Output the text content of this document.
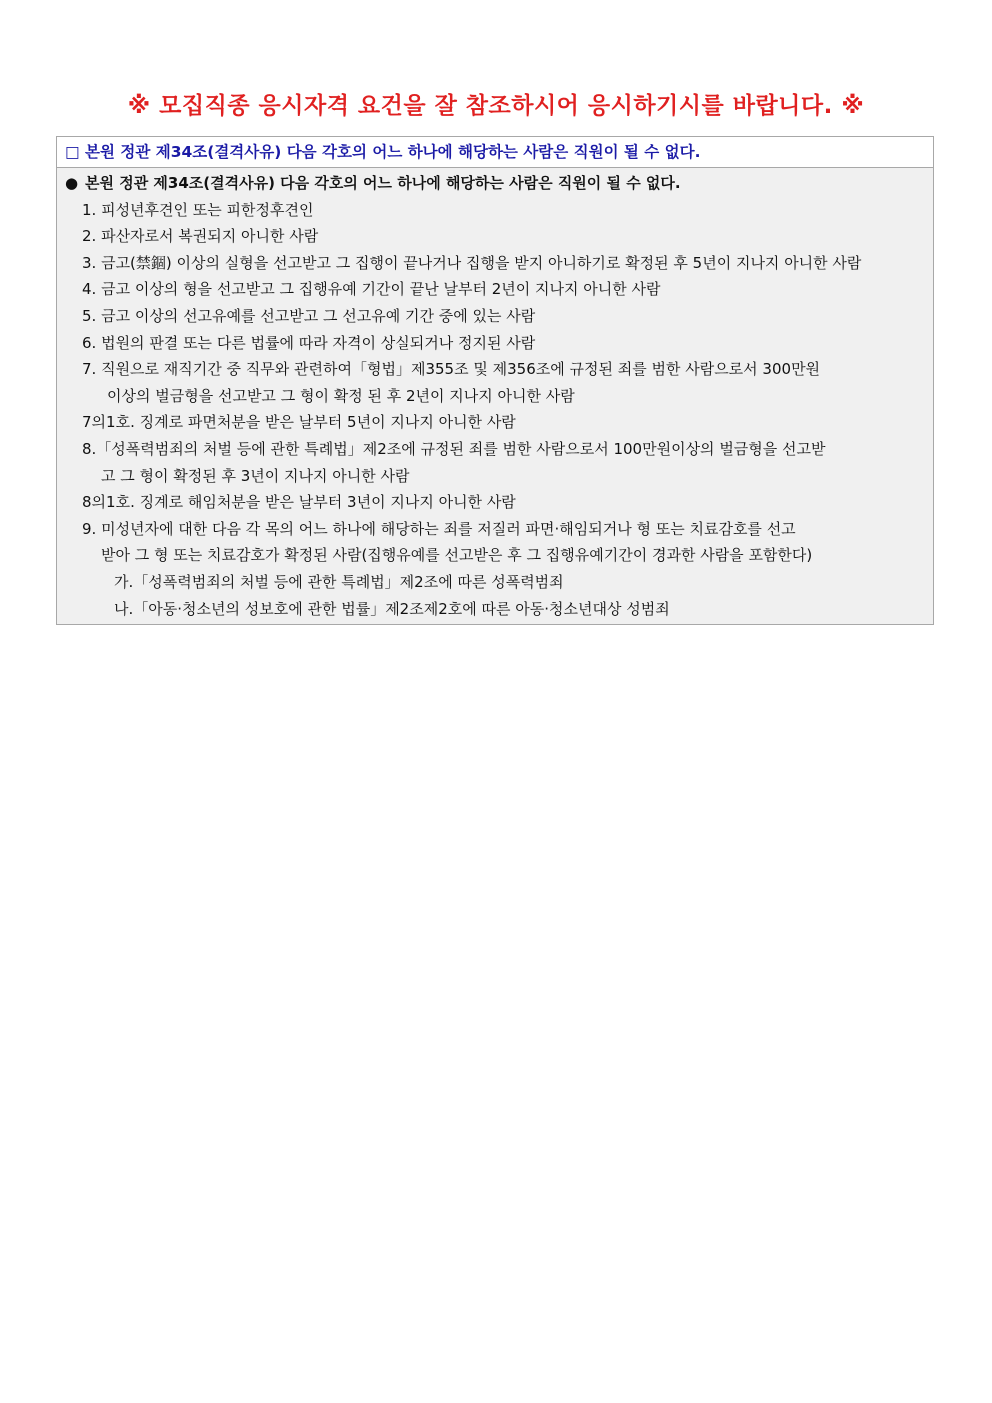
※ 모집직종 응시자격 요건을 잘 참조하시어 응시하기시를 바랍니다. ※
□ 본원 정관 제34조(결격사유) 다음 각호의 어느 하나에 해당하는 사람은 직원이 될 수 없다.
● 본원 정관 제34조(결격사유) 다음 각호의 어느 하나에 해당하는 사람은 직원이 될 수 없다.
1. 피성년후견인 또는 피한정후견인
2. 파산자로서 복권되지 아니한 사람
3. 금고(禁錮) 이상의 실형을 선고받고 그 집행이 끝나거나 집행을 받지 아니하기로 확정된 후 5년이 지나지 아니한 사람
4. 금고 이상의 형을 선고받고 그 집행유예 기간이 끝난 날부터 2년이 지나지 아니한 사람
5. 금고 이상의 선고유예를 선고받고 그 선고유예 기간 중에 있는 사람
6. 법원의 판결 또는 다른 법률에 따라 자격이 상실되거나 정지된 사람
7. 직원으로 재직기간 중 직무와 관련하여「형법」제355조 및 제356조에 규정된 죄를 범한 사람으로서 300만원
이상의 벌금형을 선고받고 그 형이 확정 된 후 2년이 지나지 아니한 사람
7의1호. 징계로 파면처분을 받은 날부터 5년이 지나지 아니한 사람
8.「성폭력범죄의 처벌 등에 관한 특례법」제2조에 규정된 죄를 범한 사람으로서 100만원이상의 벌금형을 선고받
고 그 형이 확정된 후 3년이 지나지 아니한 사람
8의1호. 징계로 해임처분을 받은 날부터 3년이 지나지 아니한 사람
9. 미성년자에 대한 다음 각 목의 어느 하나에 해당하는 죄를 저질러 파면·해임되거나 형 또는 치료감호를 선고
받아 그 형 또는 치료감호가 확정된 사람(집행유예를 선고받은 후 그 집행유예기간이 경과한 사람을 포함한다)
가.「성폭력범죄의 처벌 등에 관한 특례법」제2조에 따른 성폭력범죄
나.「아동·청소년의 성보호에 관한 법률」제2조제2호에 따른 아동·청소년대상 성범죄
